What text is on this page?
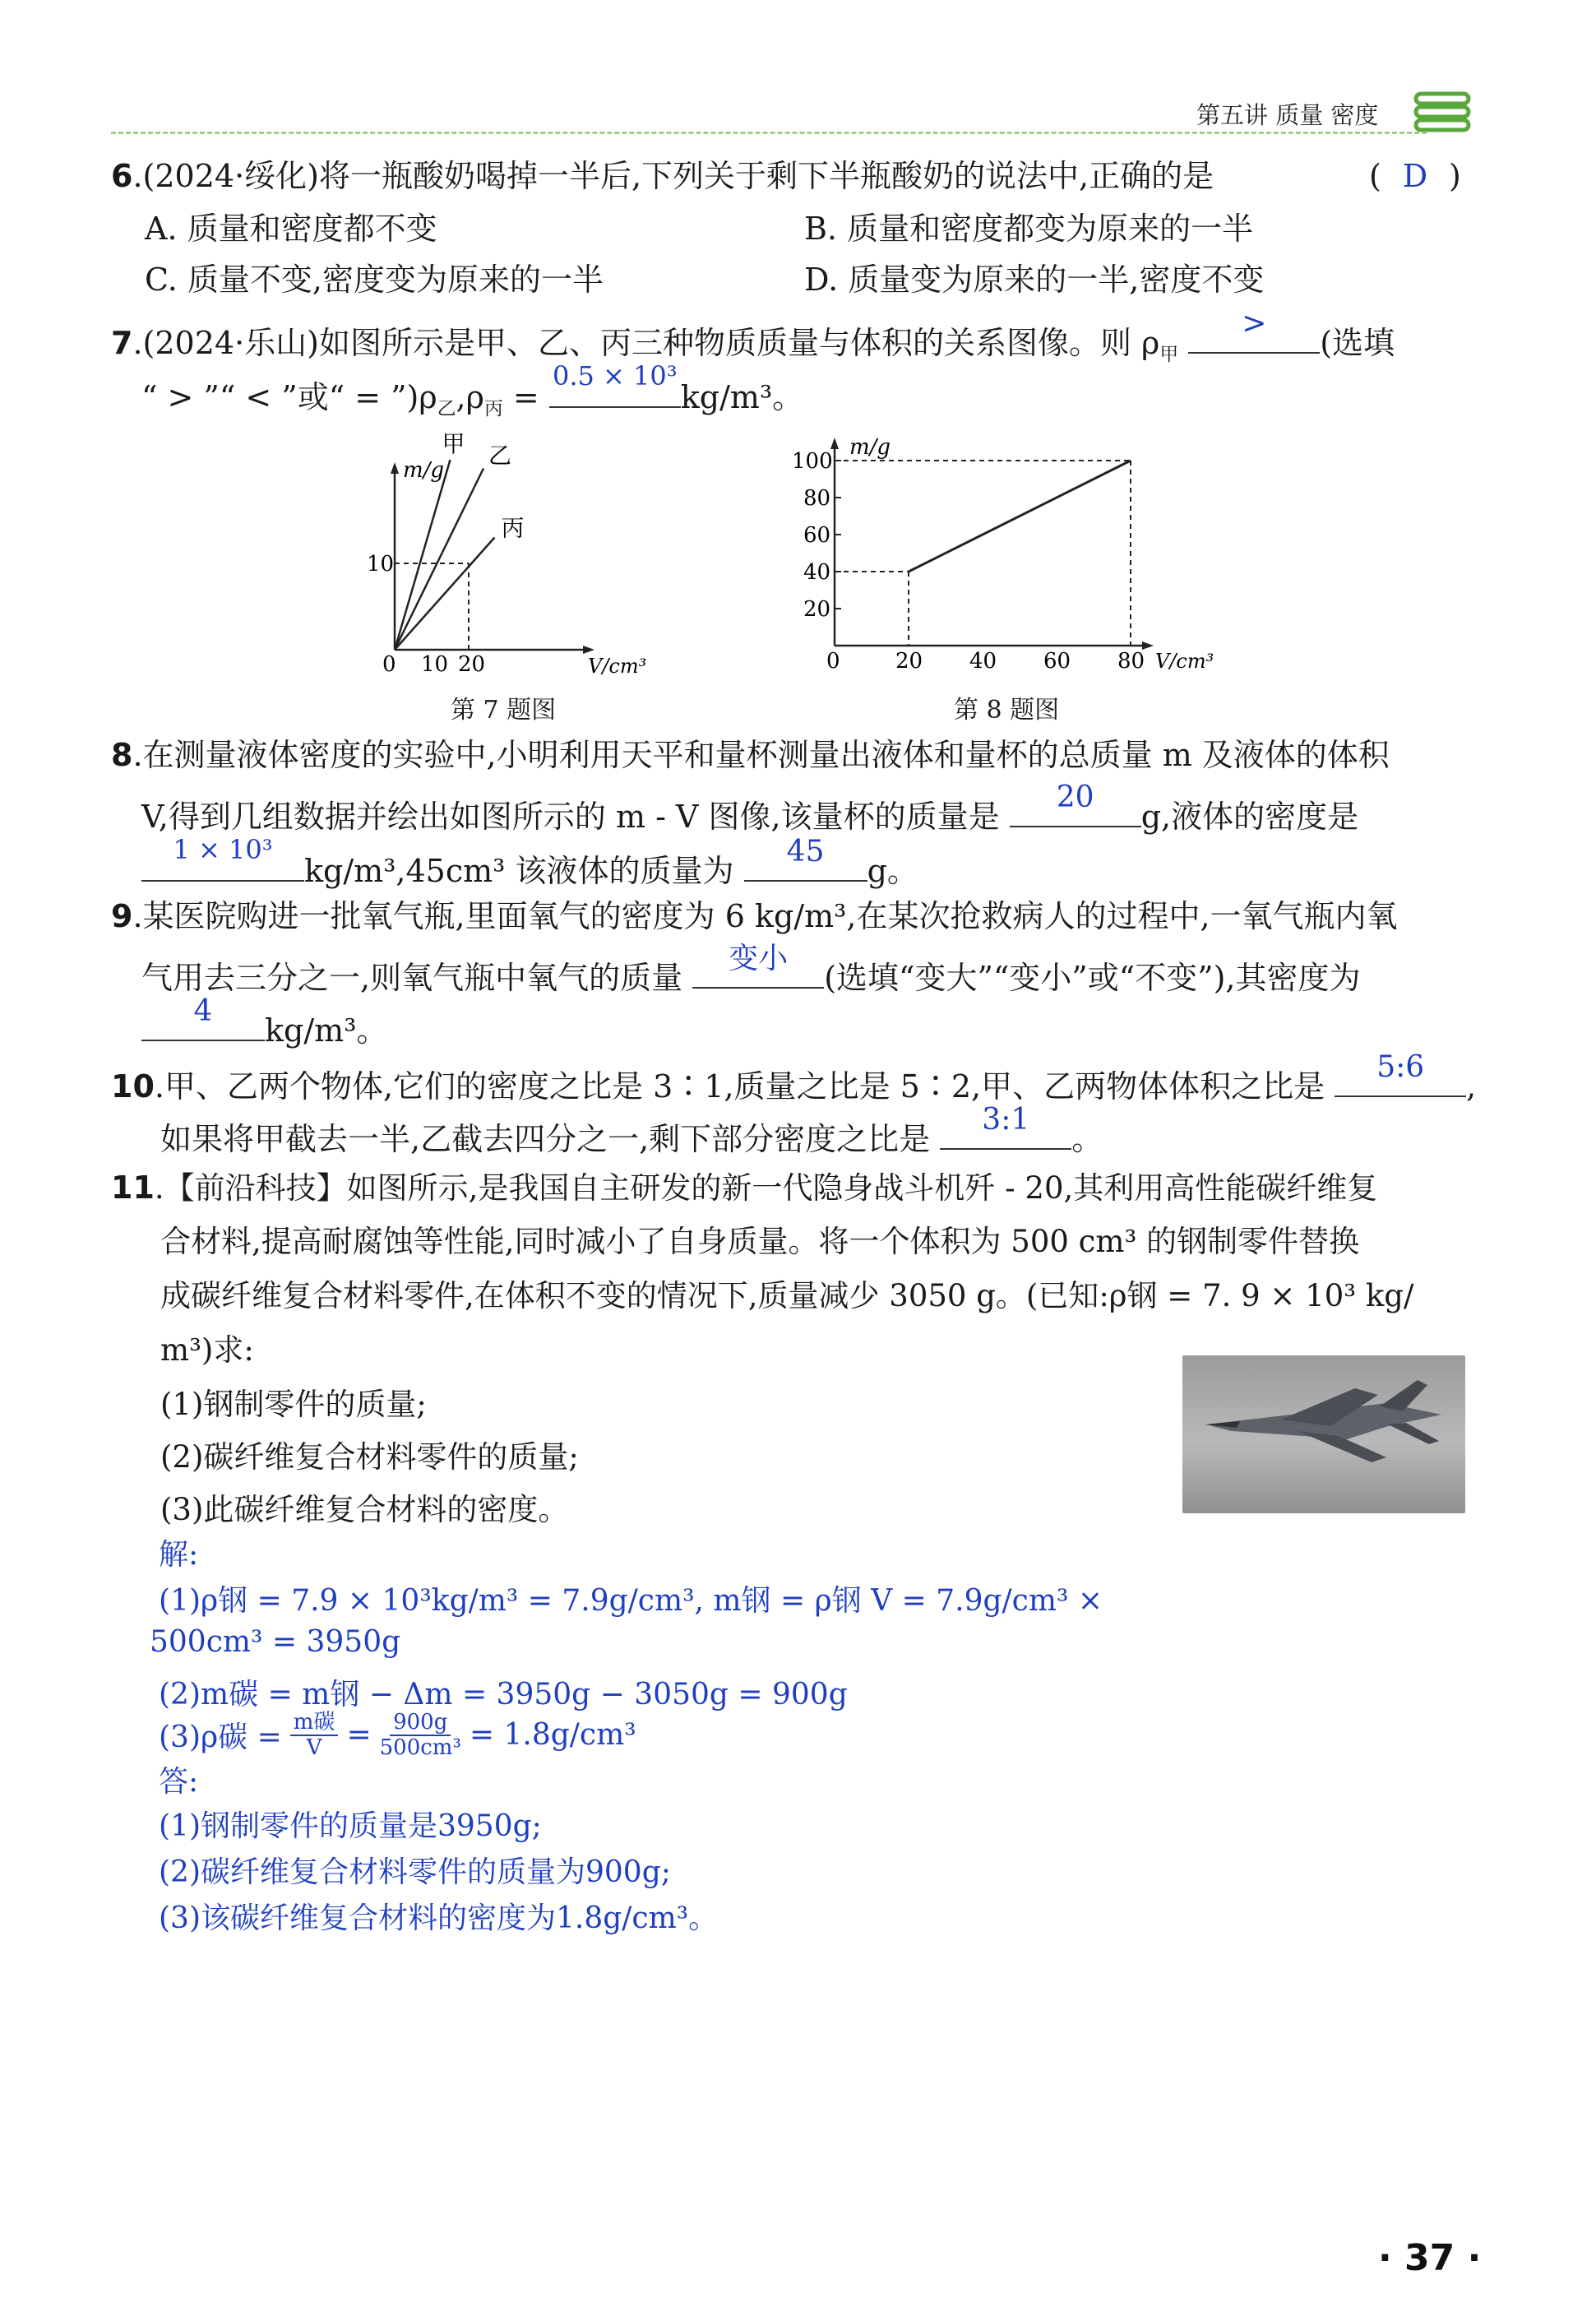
第五讲 质量 密度
6.(2024·绥化)将一瓶酸奶喝掉一半后,下列关于剩下半瓶酸奶的说法中,正确的是	( D )
A. 质量和密度都不变	B. 质量和密度都变为原来的一半
C. 质量不变,密度变为原来的一半	D. 质量变为原来的一半,密度不变
7.(2024·乐山)如图所示是甲、乙、丙三种物质质量与体积的关系图像。则 $\rho_甲$
>
(选填
“ > ”“ < ”或“ = $”)\rho_乙,\rho_丙$ =
0.5 × 10³
kg/m³。
m/g
V/cm³
0 10 20
10
甲 乙
丙
第 7 题图
m/g
V/cm³
0	20 40 60 80
20
40
60
80
100
第 8 题图
8.在测量液体密度的实验中,小明利用天平和量杯测量出液体和量杯的总质量 m 及液体的体积
V,得到几组数据并绘出如图所示的 m - V 图像,该量杯的质量是
20
g,液体的密度是
1 × 10³
kg/m³,45cm³ 该液体的质量为
45
g。
9.某医院购进一批氧气瓶,里面氧气的密度为 6 kg/m³,在某次抢救病人的过程中,一氧气瓶内氧
气用去三分之一,则氧气瓶中氧气的质量
变小
(选填“变大”“变小”或“不变”),其密度为
4
kg/m³。
10.甲、乙两个物体,它们的密度之比是 3∶1,质量之比是 5∶2,甲、乙两物体体积之比是
5:6
,
如果将甲截去一半,乙截去四分之一,剩下部分密度之比是
3:1
。
11.【前沿科技】如图所示,是我国自主研发的新一代隐身战斗机歼 - 20,其利用高性能碳纤维复
合材料,提高耐腐蚀等性能,同时减小了自身质量。将一个体积为 500 cm³ 的钢制零件替换
成碳纤维复合材料零件,在体积不变的情况下,质量减少 3050 g。(已知:ρ钢 = 7. 9 × 10³ kg/
m³)求:
(1)钢制零件的质量;
(2)碳纤维复合材料零件的质量;
(3)此碳纤维复合材料的密度。
解:
(1)ρ钢 = 7.9 × 10³kg/m³ = 7.9g/cm³, m钢 = ρ钢 V = 7.9g/cm³ ×
500cm³ = 3950g
(2)m碳 = m钢 − Δm = 3950g − 3050g = 900g
(3)ρ碳 = m碳
$V = \frac{900g}{\text{500cm³}} = 1.8g/cm^3$
答:
(1)钢制零件的质量是3950g;
(2)碳纤维复合材料零件的质量为900g;
(3)该碳纤维复合材料的密度为1.8g/cm³。
· 37 ·
